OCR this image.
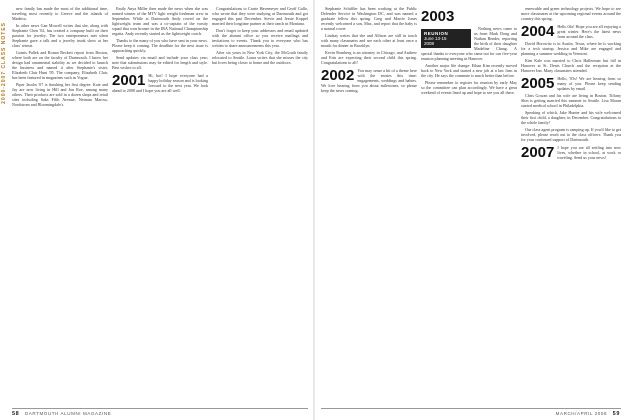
2000-2007 CLASS NOTES

new family has made the most of the additional time, traveling most recently to Greece and the islands of Madeira.

In other news Gan Mowell writes that she, along with Stephanie Chen '02, has created a company built on their passion for jewelry. The two entrepreneurs met when Stephanie gave a talk and a jewelry trunk show at her class' retreat.

Grants Pallek and Ronan Beckett report from Boston, where both are on the faculty of Dartmouth. I know her design had ornamental stability as we decided to launch the business and named it after Stephanie's sister, Elizabeth Clair Hunt '05. The company, Elizabeth Clair, has been featured in magazines such as Vogue.

Piper Jacobs '07 is finishing her first degree. Kate and Jay are now living in Hill and Jon Roe, among many others. Their products are sold in a dozen shops and retail sites including Saks Fifth Avenue, Neiman Marcus, Nordstrom and Bloomingdale's.

Emily Anya Miller then made the news when she was named winner of the MTV light weight freshman crew in September. While at Dartmouth Andy rowed on the lightweight team and was a co-captain of the varsity squad that won bronze in the IRA National Championship regatta. Andy recently started as the lightweight coach.

Thanks to the many of you who have sent in your news. Please keep it coming. The deadline for the next issue is approaching quickly.

Send updates via email and include your class year; note that submissions may be edited for length and style. Best wishes to all.

2001 Hi, hot! I hope everyone had a happy holiday season and is looking forward to the next year. We look ahead to 2008 and I hope you are all well.

Congratulations to Carrie Havemeyer and Geoff Gallo, who wrote that they were studying at Dartmouth and got engaged this past December. Stevie and Jessie Koppel married their longtime partner at their ranch in Montana.

Don't forget to keep your addresses and email updated with the alumni office so you receive mailings and invitations to events. Thank you to everyone who has written to share announcements this year.

After six years in New York City, the McGrath family relocated to Seattle. Laura writes that she misses the city but loves being closer to home and the outdoors.

58 DARTMOUTH ALUMNI MAGAZINE

Stephanie Schiffler has been working at the Public Defender Service in Washington DC, and was named a graduate fellow this spring. Greg and Marcie Jones recently welcomed a son, Max, and report that the baby is a natural rower.

Lindsay writes that she and Allison are still in touch with many classmates and see each other at least once a month for dinner in Brooklyn.

Kevin Romberg is an attorney in Chicago, and Andrew and Erin are expecting their second child this spring. Congratulations to all!

2002 You may sense a bit of a theme here with the entries this time: engagements, weddings and babies. We love hearing from you about milestones, so please keep the news coming.
2003
REUNION
June 13-15
2008

Nothing news came to us from Mark Dong and Nathan Bender, reporting the birth of their daughter Madeline Chang. A special thanks to everyone who came out for our five-year reunion planning meeting in Hanover.

Another major life change: Ethan Kim recently moved back to New York and started a new job at a law firm in the city. He says the commute is much better than before.

Please remember to register for reunion by early May so the committee can plan accordingly. We have a great weekend of events lined up and hope to see you all there.

renewable and green technology projects. We hope to see more classmates at the upcoming regional events around the country this spring.

2004 Hello 04s! Hope you are all enjoying a great winter. Here's the latest news from around the class.

David Horowitz is in Austin, Texas, where he is working for a tech startup. Jessica and Mike are engaged and planning a summer wedding in Vermont.

Kim Kale was married to Chris Hallerman last fall in Hanover at St. Denis Church and the reception at the Hanover Inn. Many classmates attended.

2005 Hello, '05s! We are hearing from so many of you. Please keep sending updates by email.

Chris Gowan and his wife are living in Boston. Tiffany Shin is getting married this summer in Seattle. Lisa Moran started medical school in Philadelphia.

Speaking of which, Jake Hunter and his wife welcomed their first child, a daughter, in December. Congratulations to the whole family!

Our class agent program is ramping up. If you'd like to get involved, please reach out to the class officers. Thank you for your continued support of Dartmouth.

2007 I hope you are all settling into new lives, whether in school, at work or traveling. Send us your news!
MARCH/APRIL 2008 59
